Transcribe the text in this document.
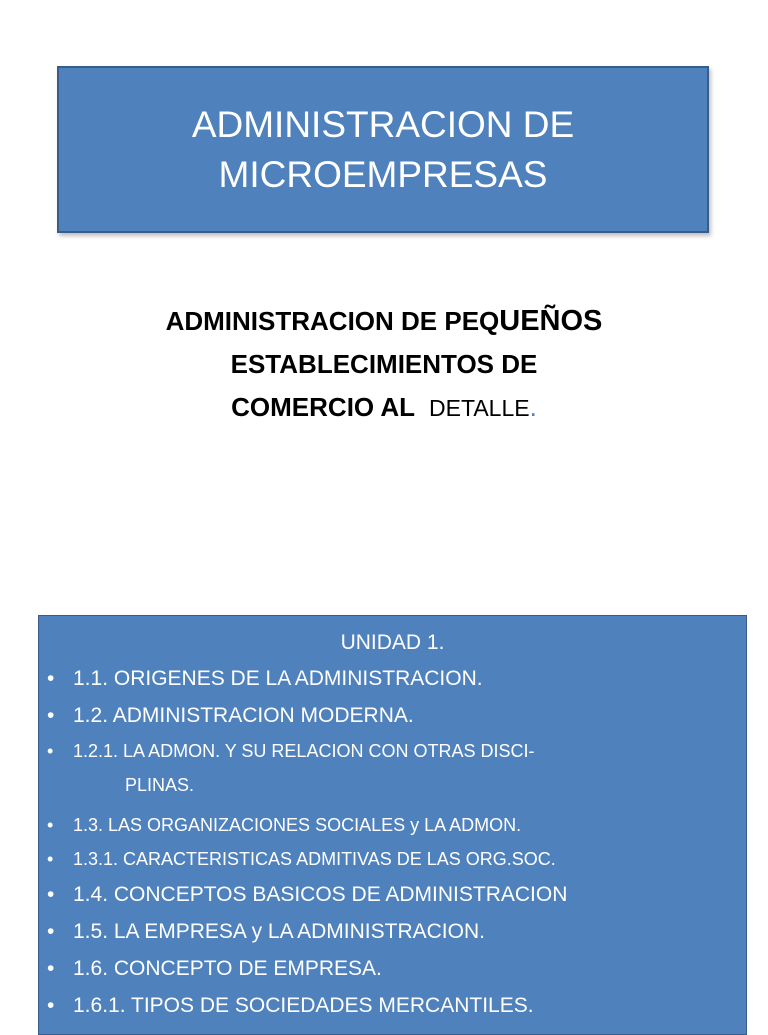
ADMINISTRACION DE
MICROEMPRESAS
ADMINISTRACION DE PEQUEÑOS
ESTABLECIMIENTOS DE
COMERCIO AL  DETALLE.
UNIDAD 1.
• 1.1. ORIGENES DE LA ADMINISTRACION.
• 1.2. ADMINISTRACION MODERNA.
• 1.2.1. LA ADMON. Y SU RELACION CON OTRAS DISCI-
PLINAS.
• 1.3. LAS ORGANIZACIONES SOCIALES y LA ADMON.
• 1.3.1. CARACTERISTICAS ADMITIVAS DE LAS ORG.SOC.
• 1.4. CONCEPTOS BASICOS DE ADMINISTRACION
• 1.5. LA EMPRESA y LA ADMINISTRACION.
• 1.6. CONCEPTO DE EMPRESA.
• 1.6.1. TIPOS DE SOCIEDADES MERCANTILES.
